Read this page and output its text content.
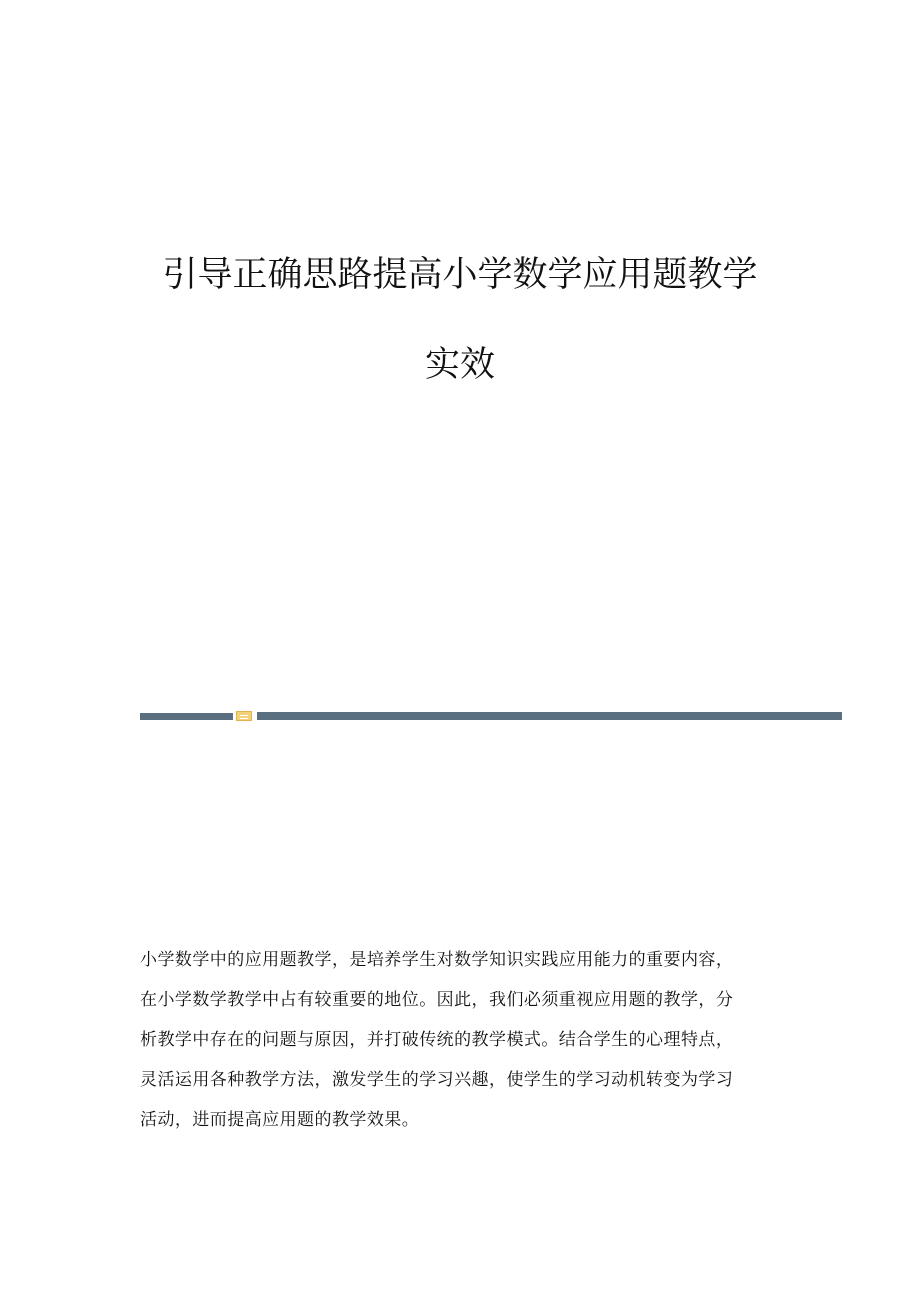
引导正确思路提高小学数学应用题教学
实效
小学数学中的应用题教学，是培养学生对数学知识实践应用能力的重要内容，
在小学数学教学中占有较重要的地位。因此，我们必须重视应用题的教学，分
析教学中存在的问题与原因，并打破传统的教学模式。结合学生的心理特点，
灵活运用各种教学方法，激发学生的学习兴趣，使学生的学习动机转变为学习
活动，进而提高应用题的教学效果。
